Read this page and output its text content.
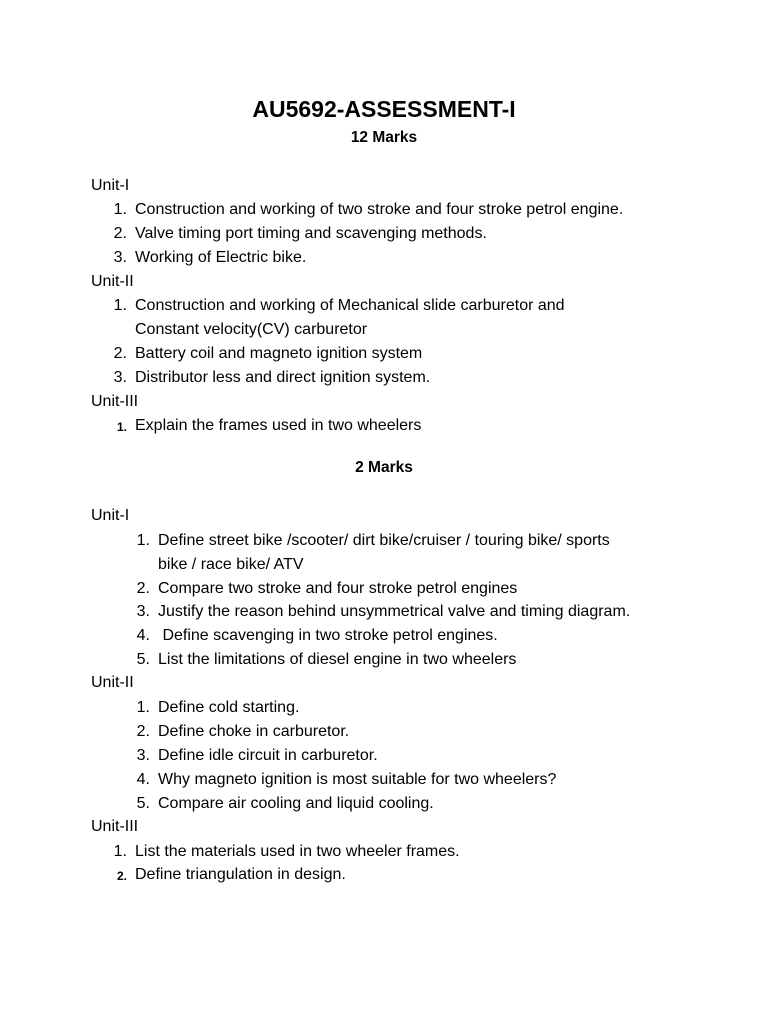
AU5692-ASSESSMENT-I
12 Marks
Unit-I
1. Construction and working of two stroke and four stroke petrol engine.
2. Valve timing port timing and scavenging methods.
3. Working of Electric bike.
Unit-II
1. Construction and working of Mechanical slide carburetor and
Constant velocity(CV) carburetor
2. Battery coil and magneto ignition system
3. Distributor less and direct ignition system.
Unit-III
1. Explain the frames used in two wheelers
2 Marks
Unit-I
1. Define street bike /scooter/ dirt bike/cruiser / touring bike/ sports
bike / race bike/ ATV
2. Compare two stroke and four stroke petrol engines
3. Justify the reason behind unsymmetrical valve and timing diagram.
4. Define scavenging in two stroke petrol engines.
5. List the limitations of diesel engine in two wheelers
Unit-II
1. Define cold starting.
2. Define choke in carburetor.
3. Define idle circuit in carburetor.
4. Why magneto ignition is most suitable for two wheelers?
5. Compare air cooling and liquid cooling.
Unit-III
1. List the materials used in two wheeler frames.
2. Define triangulation in design.
